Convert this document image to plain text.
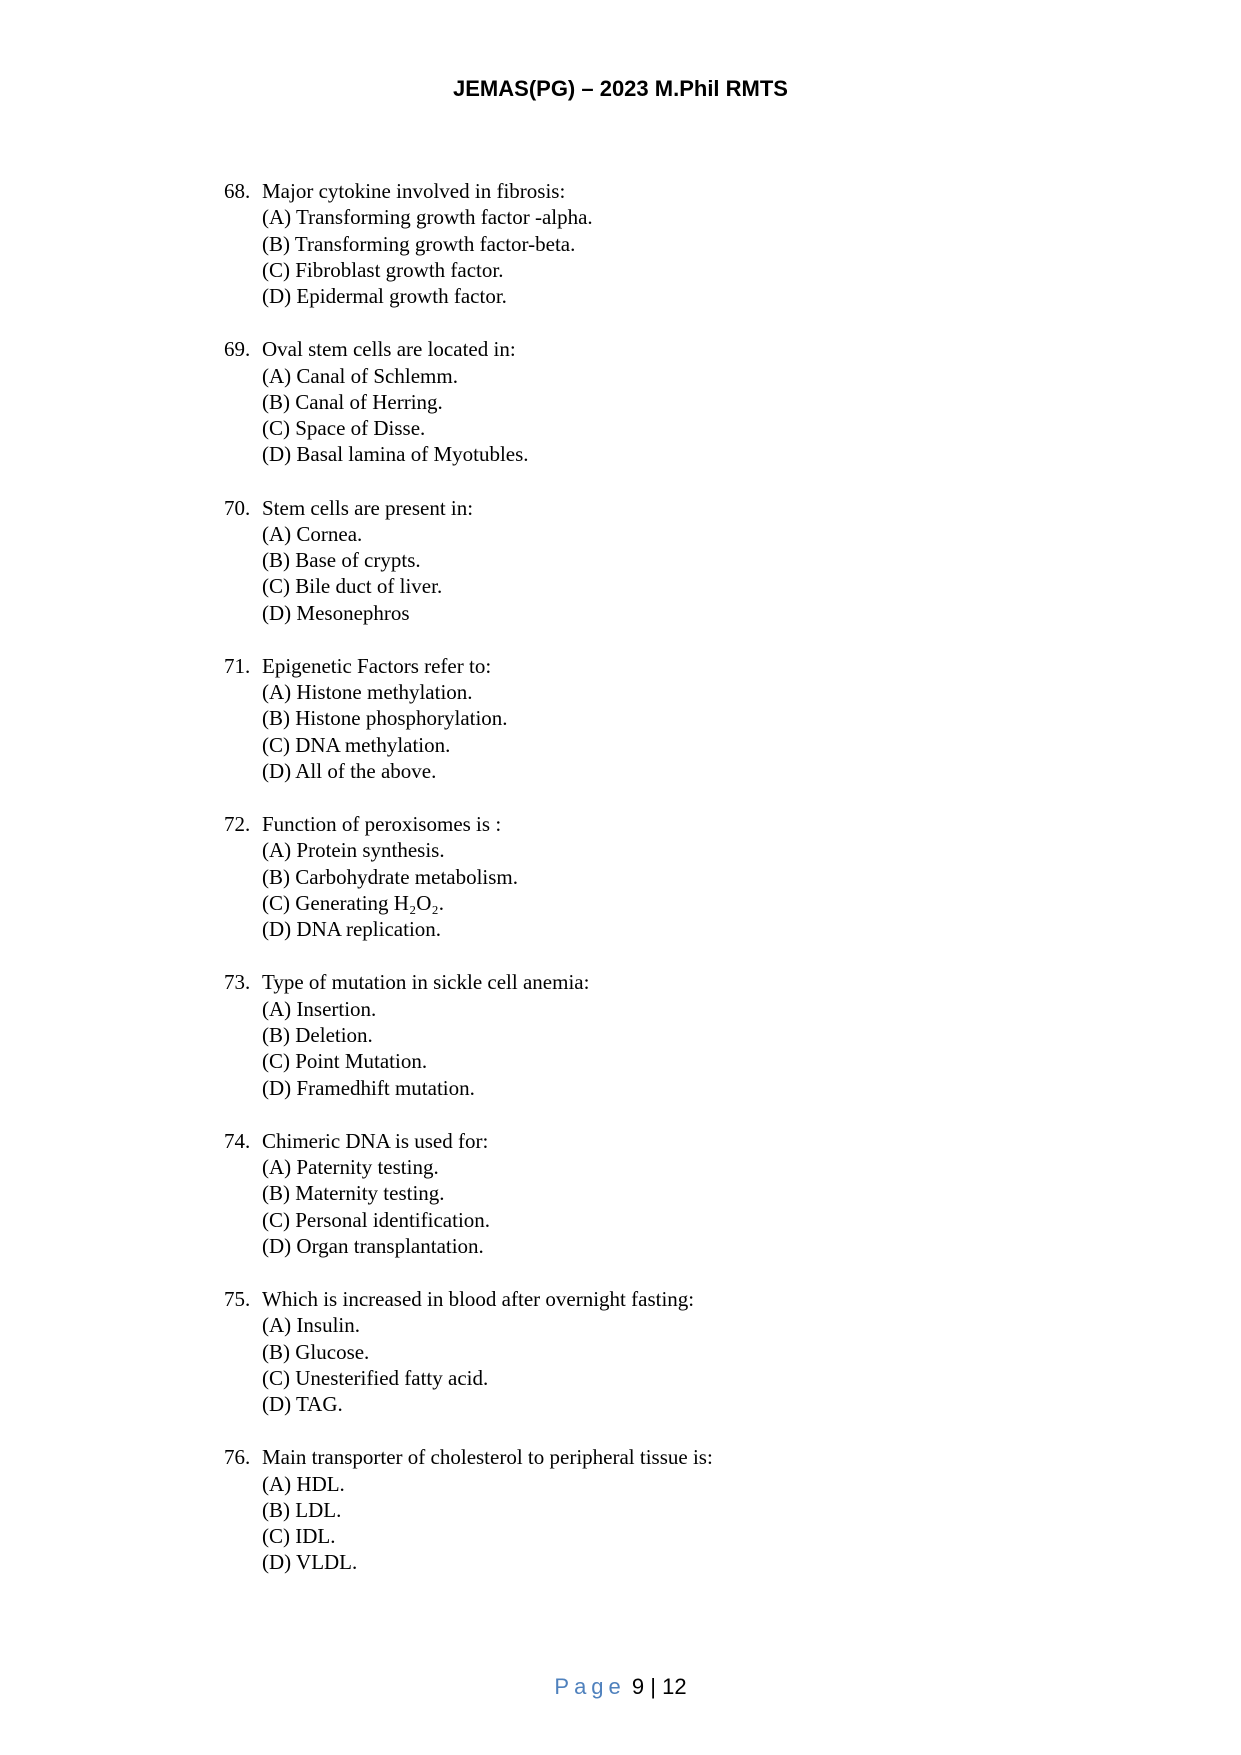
JEMAS(PG) – 2023 M.Phil RMTS
68. Major cytokine involved in fibrosis:
(A) Transforming growth factor -alpha.
(B) Transforming growth factor-beta.
(C) Fibroblast growth factor.
(D) Epidermal growth factor.
69. Oval stem cells are located in:
(A) Canal of Schlemm.
(B) Canal of Herring.
(C) Space of Disse.
(D) Basal lamina of Myotubles.
70. Stem cells are present in:
(A) Cornea.
(B) Base of crypts.
(C) Bile duct of liver.
(D) Mesonephros
71. Epigenetic Factors refer to:
(A) Histone methylation.
(B) Histone phosphorylation.
(C) DNA methylation.
(D) All of the above.
72. Function of peroxisomes is :
(A) Protein synthesis.
(B) Carbohydrate metabolism.
(C) Generating H₂O₂.
(D) DNA replication.
73. Type of mutation in sickle cell anemia:
(A) Insertion.
(B) Deletion.
(C) Point Mutation.
(D) Framedhift mutation.
74. Chimeric DNA is used for:
(A) Paternity testing.
(B) Maternity testing.
(C) Personal identification.
(D) Organ transplantation.
75. Which is increased in blood after overnight fasting:
(A) Insulin.
(B) Glucose.
(C) Unesterified fatty acid.
(D) TAG.
76. Main transporter of cholesterol to peripheral tissue is:
(A) HDL.
(B) LDL.
(C) IDL.
(D) VLDL.
Page 9 | 12
